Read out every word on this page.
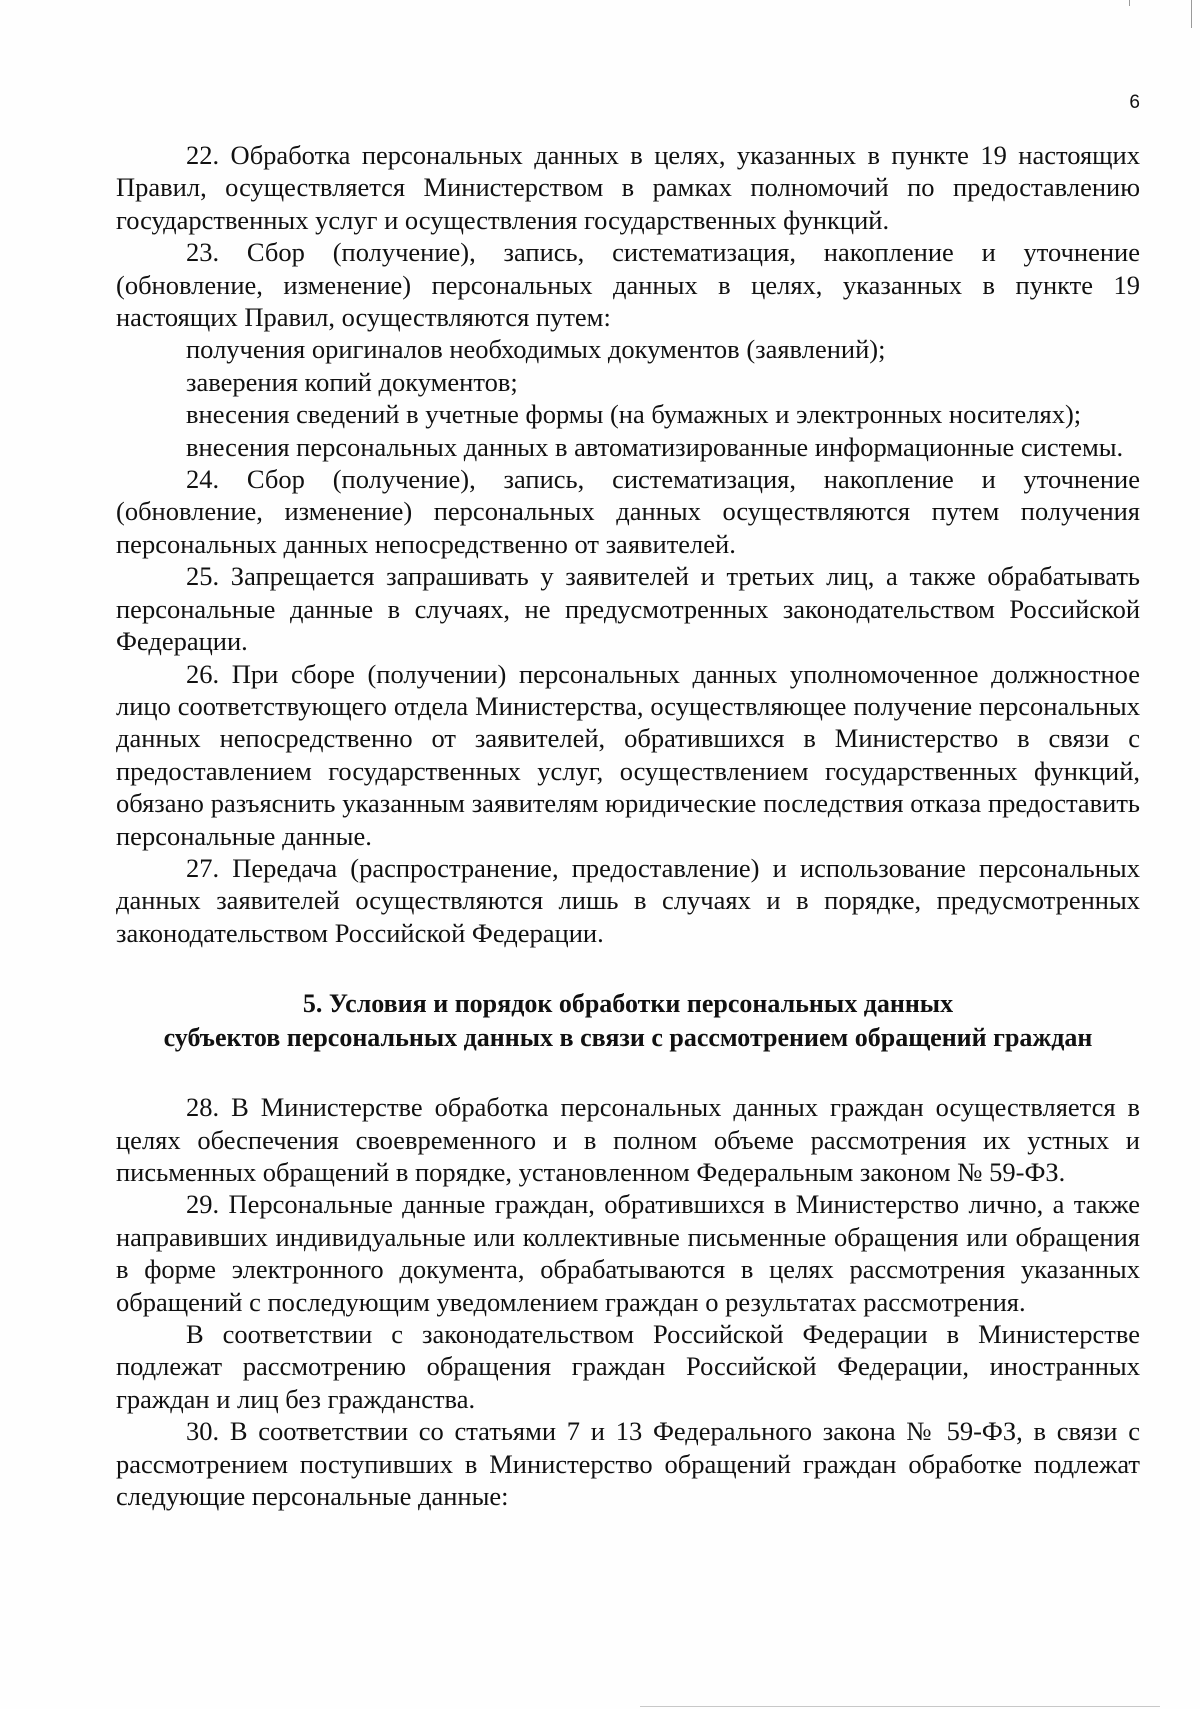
6

22. Обработка персональных данных в целях, указанных в пункте 19 настоящих Правил, осуществляется Министерством в рамках полномочий по предоставлению государственных услуг и осуществления государственных функций.

23. Сбор (получение), запись, систематизация, накопление и уточнение (обновление, изменение) персональных данных в целях, указанных в пункте 19 настоящих Правил, осуществляются путем:

получения оригиналов необходимых документов (заявлений);

заверения копий документов;

внесения сведений в учетные формы (на бумажных и электронных носителях);

внесения персональных данных в автоматизированные информационные системы.

24. Сбор (получение), запись, систематизация, накопление и уточнение (обновление, изменение) персональных данных осуществляются путем получения персональных данных непосредственно от заявителей.

25. Запрещается запрашивать у заявителей и третьих лиц, а также обрабатывать персональные данные в случаях, не предусмотренных законодательством Российской Федерации.

26. При сборе (получении) персональных данных уполномоченное должностное лицо соответствующего отдела Министерства, осуществляющее получение персональных данных непосредственно от заявителей, обратившихся в Министерство в связи с предоставлением государственных услуг, осуществлением государственных функций, обязано разъяснить указанным заявителям юридические последствия отказа предоставить персональные данные.

27. Передача (распространение, предоставление) и использование персональных данных заявителей осуществляются лишь в случаях и в порядке, предусмотренных законодательством Российской Федерации.

5. Условия и порядок обработки персональных данных
субъектов персональных данных в связи с рассмотрением обращений граждан

28. В Министерстве обработка персональных данных граждан осуществляется в целях обеспечения своевременного и в полном объеме рассмотрения их устных и письменных обращений в порядке, установленном Федеральным законом № 59-ФЗ.

29. Персональные данные граждан, обратившихся в Министерство лично, а также направивших индивидуальные или коллективные письменные обращения или обращения в форме электронного документа, обрабатываются в целях рассмотрения указанных обращений с последующим уведомлением граждан о результатах рассмотрения.

В соответствии с законодательством Российской Федерации в Министерстве подлежат рассмотрению обращения граждан Российской Федерации, иностранных граждан и лиц без гражданства.

30. В соответствии со статьями 7 и 13 Федерального закона № 59-ФЗ, в связи с рассмотрением поступивших в Министерство обращений граждан обработке подлежат следующие персональные данные:
